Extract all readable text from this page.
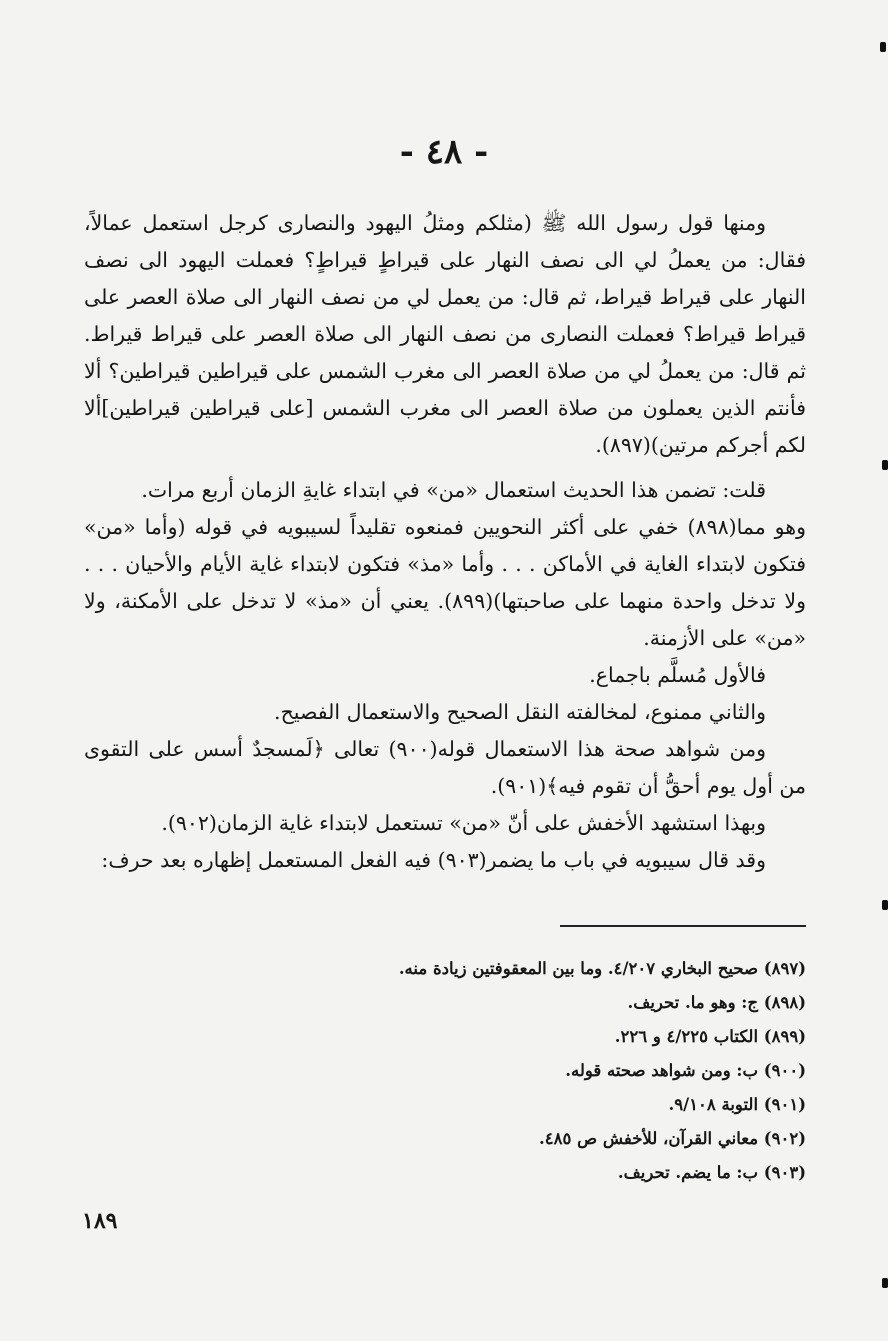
- ٤٨ -

ومنها قول رسول الله ﷺ (مثلكم ومثلُ اليهود والنصارى كرجل استعمل عمالاً، فقال: من يعملُ لي الى نصف النهار على قيراطٍ قيراطٍ؟ فعملت اليهود الى نصف النهار على قيراط قيراط، ثم قال: من يعمل لي من نصف النهار الى صلاة العصر على قيراط قيراط؟ فعملت النصارى من نصف النهار الى صلاة العصر على قيراط قيراط. ثم قال: من يعملُ لي من صلاة العصر الى مغرب الشمس على قيراطين قيراطين؟ ألا فأنتم الذين يعملون من صلاة العصر الى مغرب الشمس [على قيراطين قيراطين]ألا لكم أجركم مرتين)(٨٩٧).

قلت: تضمن هذا الحديث استعمال «من» في ابتداء غايةِ الزمان أربع مرات.

وهو مما(٨٩٨) خفي على أكثر النحويين فمنعوه تقليداً لسيبويه في قوله (وأما «من» فتكون لابتداء الغاية في الأماكن . . . وأما «مذ» فتكون لابتداء غاية الأيام والأحيان . . . ولا تدخل واحدة منهما على صاحبتها)(٨٩٩). يعني أن «مذ» لا تدخل على الأمكنة، ولا «من» على الأزمنة.

فالأول مُسلَّم باجماع.

والثاني ممنوع، لمخالفته النقل الصحيح والاستعمال الفصيح.

ومن شواهد صحة هذا الاستعمال قوله(٩٠٠) تعالى ﴿لَمسجدٌ أسس على التقوى من أول يوم أحقُّ أن تقوم فيه﴾(٩٠١).

وبهذا استشهد الأخفش على أنّ «من» تستعمل لابتداء غاية الزمان(٩٠٢).

وقد قال سيبويه في باب ما يضمر(٩٠٣) فيه الفعل المستعمل إظهاره بعد حرف:

(٨٩٧) صحيح البخاري ٤/٢٠٧. وما بين المعقوفتين زيادة منه.
(٨٩٨) ج: وهو ما. تحريف.
(٨٩٩) الكتاب ٤/٢٢٥ و ٢٢٦.
(٩٠٠) ب: ومن شواهد صحته قوله.
(٩٠١) التوبة ٩/١٠٨.
(٩٠٢) معاني القرآن، للأخفش ص ٤٨٥.
(٩٠٣) ب: ما يضم. تحريف.
١٨٩
